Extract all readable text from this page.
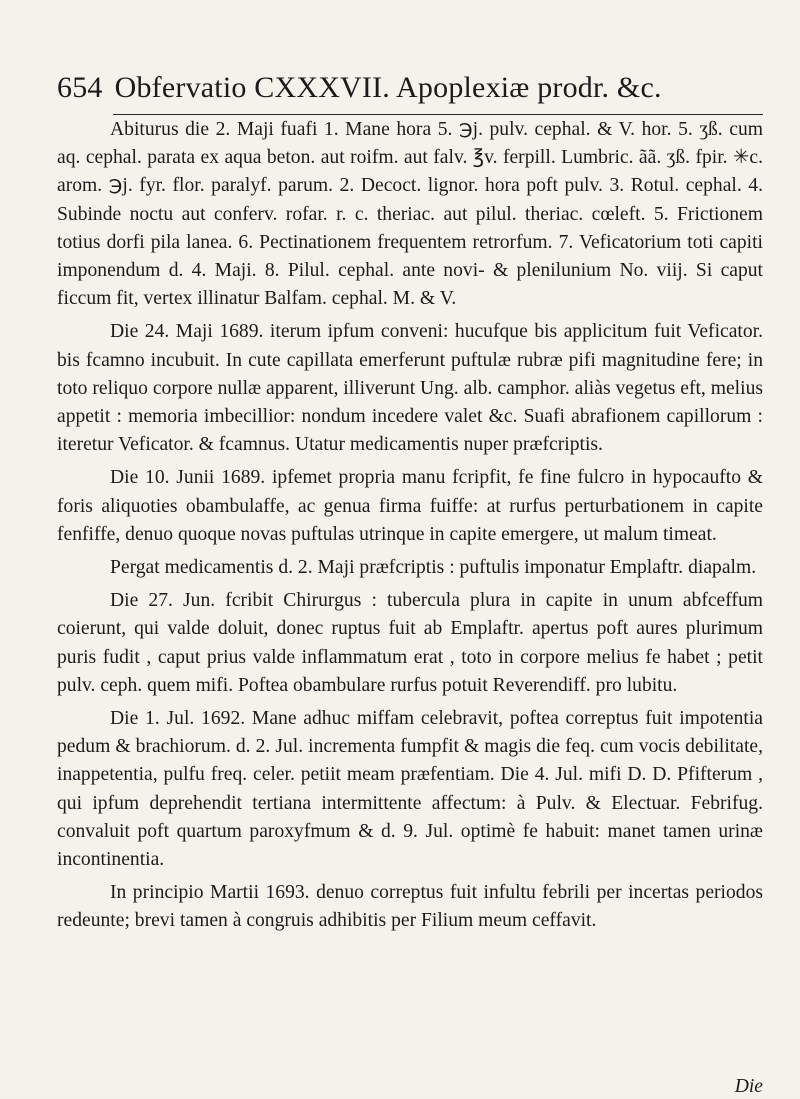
654 Obfervatio CXXXVII. Apoplexiæ prodr. &c.

Abiturus die 2. Maji fuafi 1. Mane hora 5. ℈j. pulv. cephal. & V. hor. 5. ʒß. cum aq. cephal. parata ex aqua beton. aut roifm. aut falv. ℥v. ferpill. Lumbric. ãã. ʒß. fpir. ✳c. arom. ℈j. fyr. flor. paralyf. parum. 2. Decoct. lignor. hora poft pulv. 3. Rotul. cephal. 4. Subinde noctu aut conferv. rofar. r. c. theriac. aut pilul. theriac. cœleft. 5. Frictionem totius dorfi pila lanea. 6. Pectinationem frequentem retrorfum. 7. Veficatorium toti capiti imponendum d. 4. Maji. 8. Pilul. cephal. ante novi- & plenilunium No. viij. Si caput ficcum fit, vertex illinatur Balfam. cephal. M. & V.

Die 24. Maji 1689. iterum ipfum conveni: hucufque bis applicitum fuit Veficator. bis fcamno incubuit. In cute capillata emerferunt puftulæ rubræ pifi magnitudine fere; in toto reliquo corpore nullæ apparent, illiverunt Ung. alb. camphor. aliàs vegetus eft, melius appetit : memoria imbecillior: nondum incedere valet &c. Suafi abrafionem capillorum : iteretur Veficator. & fcamnus. Utatur medicamentis nuper præfcriptis.

Die 10. Junii 1689. ipfemet propria manu fcripfit, fe fine fulcro in hypocaufto & foris aliquoties obambulaffe, ac genua firma fuiffe: at rurfus perturbationem in capite fenfiffe, denuo quoque novas puftulas utrinque in capite emergere, ut malum timeat.

Pergat medicamentis d. 2. Maji præfcriptis : puftulis imponatur Emplaftr. diapalm.

Die 27. Jun. fcribit Chirurgus : tubercula plura in capite in unum abfceffum coierunt, qui valde doluit, donec ruptus fuit ab Emplaftr. apertus poft aures plurimum puris fudit , caput prius valde inflammatum erat , toto in corpore melius fe habet ; petit pulv. ceph. quem mifi. Poftea obambulare rurfus potuit Reverendiff. pro lubitu.

Die 1. Jul. 1692. Mane adhuc miffam celebravit, poftea correptus fuit impotentia pedum & brachiorum. d. 2. Jul. incrementa fumpfit & magis die feq. cum vocis debilitate, inappetentia, pulfu freq. celer. petiit meam præfentiam. Die 4. Jul. mifi D. D. Pfifterum , qui ipfum deprehendit tertiana intermittente affectum: à Pulv. & Electuar. Febrifug. convaluit poft quartum paroxyfmum & d. 9. Jul. optimè fe habuit: manet tamen urinæ incontinentia.

In principio Martii 1693. denuo correptus fuit infultu febrili per incertas periodos redeunte; brevi tamen à congruis adhibitis per Filium meum ceffavit.

Die
